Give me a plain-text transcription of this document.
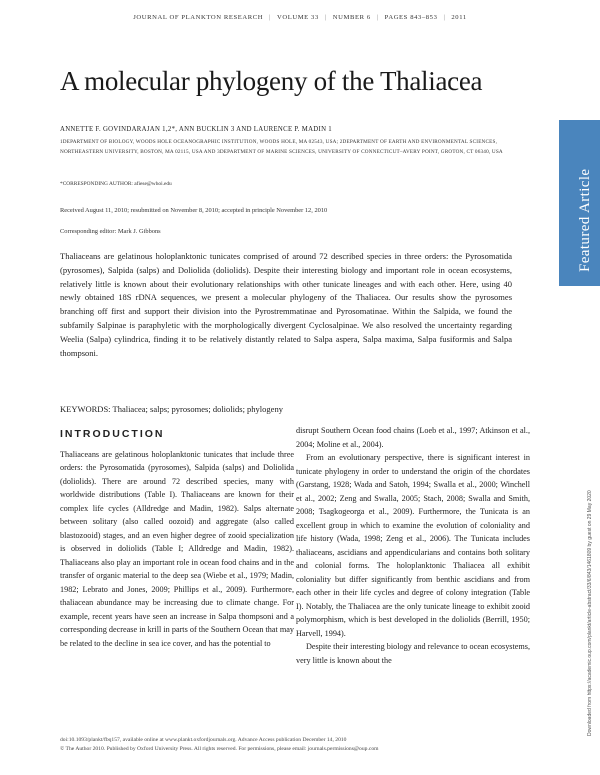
JOURNAL OF PLANKTON RESEARCH | VOLUME 33 | NUMBER 6 | PAGES 843–853 | 2011
A molecular phylogeny of the Thaliacea
ANNETTE F. GOVINDARAJAN 1,2*, ANN BUCKLIN 3 AND LAURENCE P. MADIN 1
1DEPARTMENT OF BIOLOGY, WOODS HOLE OCEANOGRAPHIC INSTITUTION, WOODS HOLE, MA 02543, USA; 2DEPARTMENT OF EARTH AND ENVIRONMENTAL SCIENCES, NORTHEASTERN UNIVERSITY, BOSTON, MA 02115, USA AND 3DEPARTMENT OF MARINE SCIENCES, UNIVERSITY OF CONNECTICUT–AVERY POINT, GROTON, CT 06340, USA
*CORRESPONDING AUTHOR: afiese@whoi.edu
Received August 11, 2010; resubmitted on November 8, 2010; accepted in principle November 12, 2010
Corresponding editor: Mark J. Gibbons

Thaliaceans are gelatinous holoplanktonic tunicates comprised of around 72 described species in three orders: the Pyrosomatida (pyrosomes), Salpida (salps) and Doliolida (doliolids). Despite their interesting biology and important role in ocean ecosystems, relatively little is known about their evolutionary relationships with other tunicate lineages and with each other. Here, using 40 newly obtained 18S rDNA sequences, we present a molecular phylogeny of the Thaliacea. Our results show the pyrosomes branching off first and support their division into the Pyrostremmatinae and Pyrosomatinae. Within the Salpida, we found the subfamily Salpinae is paraphyletic with the morphologically divergent Cyclosalpinae. We also resolved the uncertainty regarding Weelia (Salpa) cylindrica, finding it to be relatively distantly related to Salpa aspera, Salpa maxima, Salpa fusiformis and Salpa thompsoni.

KEYWORDS: Thaliacea; salps; pyrosomes; doliolids; phylogeny
INTRODUCTION

Thaliaceans are gelatinous holoplanktonic tunicates that include three orders: the Pyrosomatida (pyrosomes), Salpida (salps) and Doliolida (doliolids). There are around 72 described species, many with worldwide distributions (Table I). Thaliaceans are known for their complex life cycles (Alldredge and Madin, 1982). Salps alternate between solitary (also called oozoid) and aggregate (also called blastozooid) stages, and an even higher degree of zooid specialization is observed in doliolids (Table I; Alldredge and Madin, 1982). Thaliaceans also play an important role in ocean food chains and in the transfer of organic material to the deep sea (Wiebe et al., 1979; Madin, 1982; Lebrato and Jones, 2009; Phillips et al., 2009). Furthermore, thaliacean abundance may be increasing due to climate change. For example, recent years have seen an increase in Salpa thompsoni and a corresponding decrease in krill in parts of the Southern Ocean that may be related to the decline in sea ice cover, and has the potential to

disrupt Southern Ocean food chains (Loeb et al., 1997; Atkinson et al., 2004; Moline et al., 2004).

From an evolutionary perspective, there is significant interest in tunicate phylogeny in order to understand the origin of the chordates (Garstang, 1928; Wada and Satoh, 1994; Swalla et al., 2000; Winchell et al., 2002; Zeng and Swalla, 2005; Stach, 2008; Swalla and Smith, 2008; Tsagkogeorga et al., 2009). Furthermore, the Tunicata is an excellent group in which to examine the evolution of coloniality and life history (Wada, 1998; Zeng et al., 2006). The Tunicata includes thaliaceans, ascidians and appendicularians and contains both solitary and colonial forms. The holoplanktonic Thaliacea all exhibit coloniality but differ significantly from benthic ascidians and from each other in their life cycles and degree of colony integration (Table I). Notably, the Thaliacea are the only tunicate lineage to exhibit zooid polymorphism, which is best developed in the doliolids (Berrill, 1950; Harvell, 1994).

Despite their interesting biology and relevance to ocean ecosystems, very little is known about the

doi:10.1093/plankt/fbq157, available online at www.plankt.oxfordjournals.org. Advance Access publication December 14, 2010
© The Author 2010. Published by Oxford University Press. All rights reserved. For permissions, please email: journals.permissions@oup.com
Featured Article
Downloaded from https://academic.oup.com/plankt/article-abstract/33/6/843/1461809 by guest on 29 May 2020
